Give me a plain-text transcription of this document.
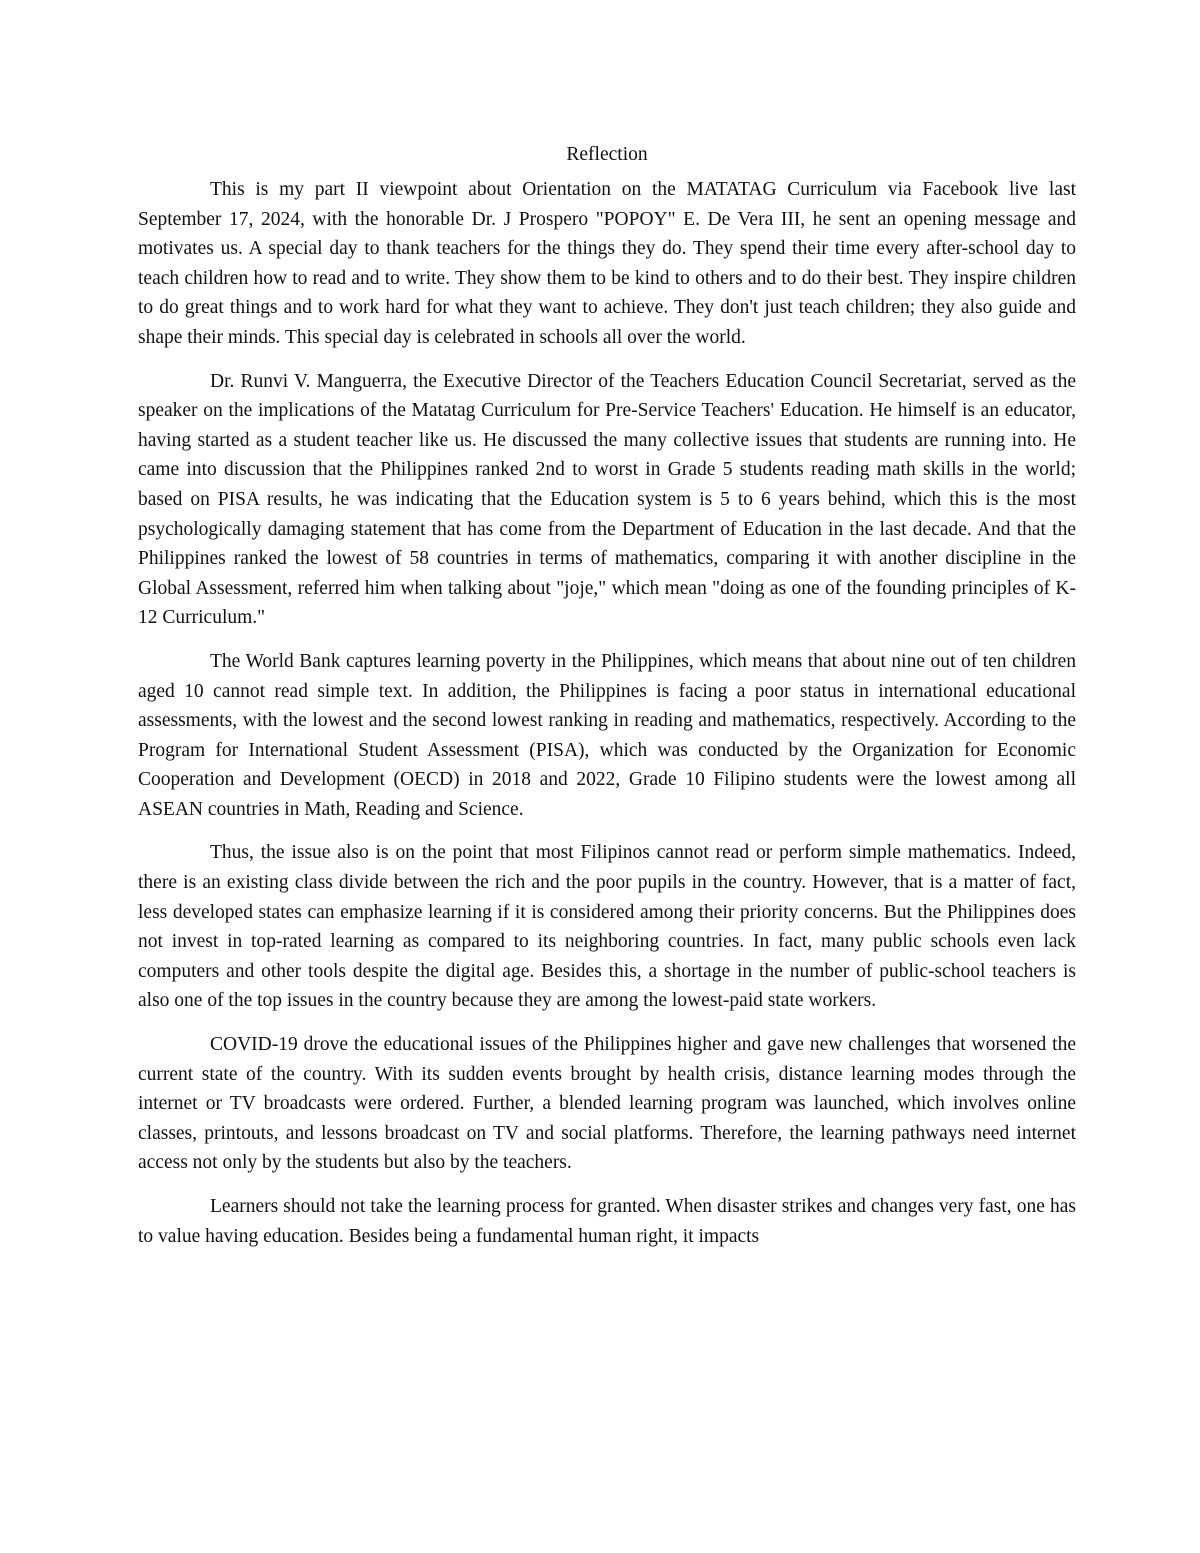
Reflection

This is my part II viewpoint about Orientation on the MATATAG Curriculum via Facebook live last September 17, 2024, with the honorable Dr. J Prospero "POPOY" E. De Vera III, he sent an opening message and motivates us. A special day to thank teachers for the things they do. They spend their time every after-school day to teach children how to read and to write. They show them to be kind to others and to do their best. They inspire children to do great things and to work hard for what they want to achieve. They don't just teach children; they also guide and shape their minds. This special day is celebrated in schools all over the world.

Dr. Runvi V. Manguerra, the Executive Director of the Teachers Education Council Secretariat, served as the speaker on the implications of the Matatag Curriculum for Pre-Service Teachers' Education. He himself is an educator, having started as a student teacher like us. He discussed the many collective issues that students are running into. He came into discussion that the Philippines ranked 2nd to worst in Grade 5 students reading math skills in the world; based on PISA results, he was indicating that the Education system is 5 to 6 years behind, which this is the most psychologically damaging statement that has come from the Department of Education in the last decade. And that the Philippines ranked the lowest of 58 countries in terms of mathematics, comparing it with another discipline in the Global Assessment, referred him when talking about "joje," which mean "doing as one of the founding principles of K-12 Curriculum."

The World Bank captures learning poverty in the Philippines, which means that about nine out of ten children aged 10 cannot read simple text. In addition, the Philippines is facing a poor status in international educational assessments, with the lowest and the second lowest ranking in reading and mathematics, respectively. According to the Program for International Student Assessment (PISA), which was conducted by the Organization for Economic Cooperation and Development (OECD) in 2018 and 2022, Grade 10 Filipino students were the lowest among all ASEAN countries in Math, Reading and Science.

Thus, the issue also is on the point that most Filipinos cannot read or perform simple mathematics. Indeed, there is an existing class divide between the rich and the poor pupils in the country. However, that is a matter of fact, less developed states can emphasize learning if it is considered among their priority concerns. But the Philippines does not invest in top-rated learning as compared to its neighboring countries. In fact, many public schools even lack computers and other tools despite the digital age. Besides this, a shortage in the number of public-school teachers is also one of the top issues in the country because they are among the lowest-paid state workers.

COVID-19 drove the educational issues of the Philippines higher and gave new challenges that worsened the current state of the country. With its sudden events brought by health crisis, distance learning modes through the internet or TV broadcasts were ordered. Further, a blended learning program was launched, which involves online classes, printouts, and lessons broadcast on TV and social platforms. Therefore, the learning pathways need internet access not only by the students but also by the teachers.

Learners should not take the learning process for granted. When disaster strikes and changes very fast, one has to value having education. Besides being a fundamental human right, it impacts
